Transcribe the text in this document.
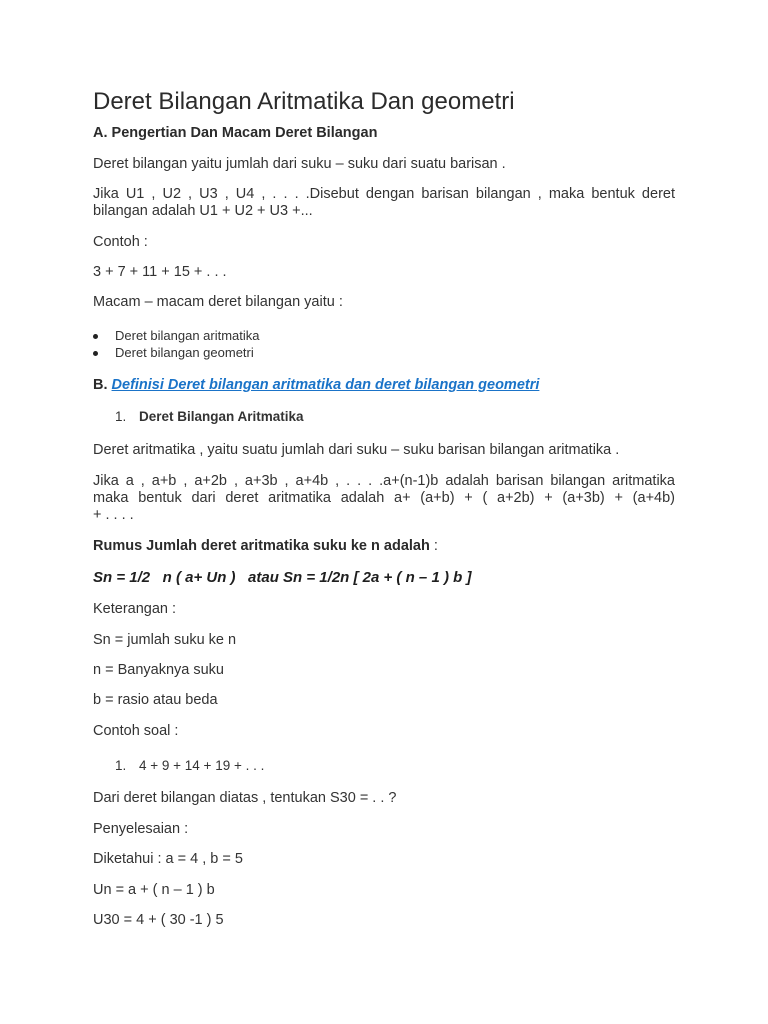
Deret Bilangan Aritmatika Dan geometri
A. Pengertian Dan Macam Deret Bilangan
Deret bilangan yaitu jumlah dari suku – suku dari suatu barisan .
Jika U1 , U2 , U3 , U4 , . . . .Disebut dengan barisan bilangan , maka bentuk deret
bilangan adalah U1 + U2 + U3 +...
Contoh :
3 + 7 + 11 + 15 + . . .
Macam – macam deret bilangan yaitu :
Deret bilangan aritmatika
Deret bilangan geometri
B. Definisi Deret bilangan aritmatika dan deret bilangan geometri
1. Deret Bilangan Aritmatika
Deret aritmatika , yaitu suatu jumlah dari suku – suku barisan bilangan aritmatika .
Jika a , a+b , a+2b , a+3b , a+4b , . . . .a+(n-1)b adalah barisan bilangan aritmatika
maka bentuk dari deret aritmatika adalah a+ (a+b) + ( a+2b) + (a+3b) + (a+4b)
+ . . . .
Rumus Jumlah deret aritmatika suku ke n adalah :
Sn = 1/2   n ( a+ Un )   atau Sn = 1/2n [ 2a + ( n – 1 ) b ]
Keterangan :
Sn = jumlah suku ke n
n = Banyaknya suku
b = rasio atau beda
Contoh soal :
1. 4 + 9 + 14 + 19 + . . .
Dari deret bilangan diatas , tentukan S30 = . . ?
Penyelesaian :
Diketahui : a = 4 , b = 5
Un = a + ( n – 1 ) b
U30 = 4 + ( 30 -1 ) 5
